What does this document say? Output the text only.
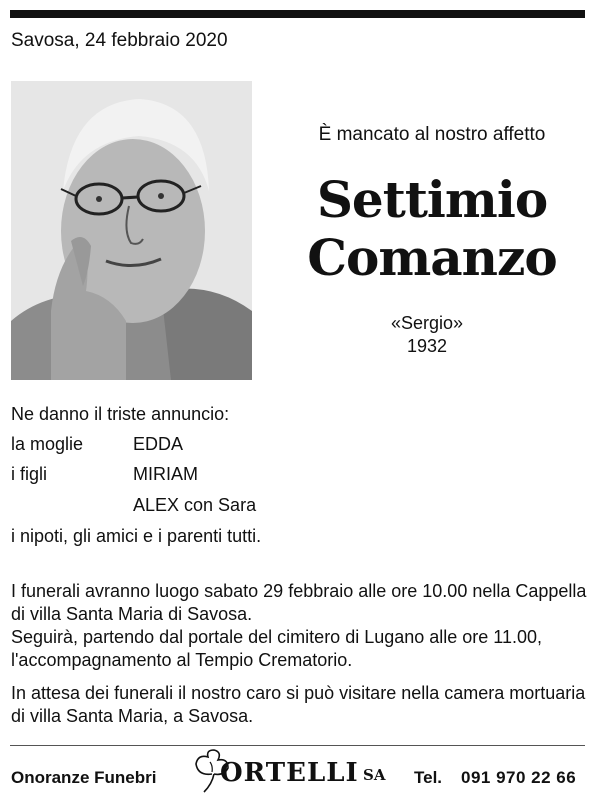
Savosa, 24 febbraio 2020
È mancato al nostro affetto
Settimio
Comanzo
«Sergio»
1932
Ne danno il triste annuncio:
la moglie	EDDA
i figli	MIRIAM
ALEX con Sara
i nipoti, gli amici e i parenti tutti.
I funerali avranno luogo sabato 29 febbraio alle ore 10.00 nella Cappella di villa Santa Maria di Savosa.
Seguirà, partendo dal portale del cimitero di Lugano alle ore 11.00, l'accompagnamento al Tempio Crematorio.
In attesa dei funerali il nostro caro si può visitare nella camera mortuaria di villa Santa Maria, a Savosa.
Onoranze Funebri ORTELLI SA Tel. 091 970 22 66
